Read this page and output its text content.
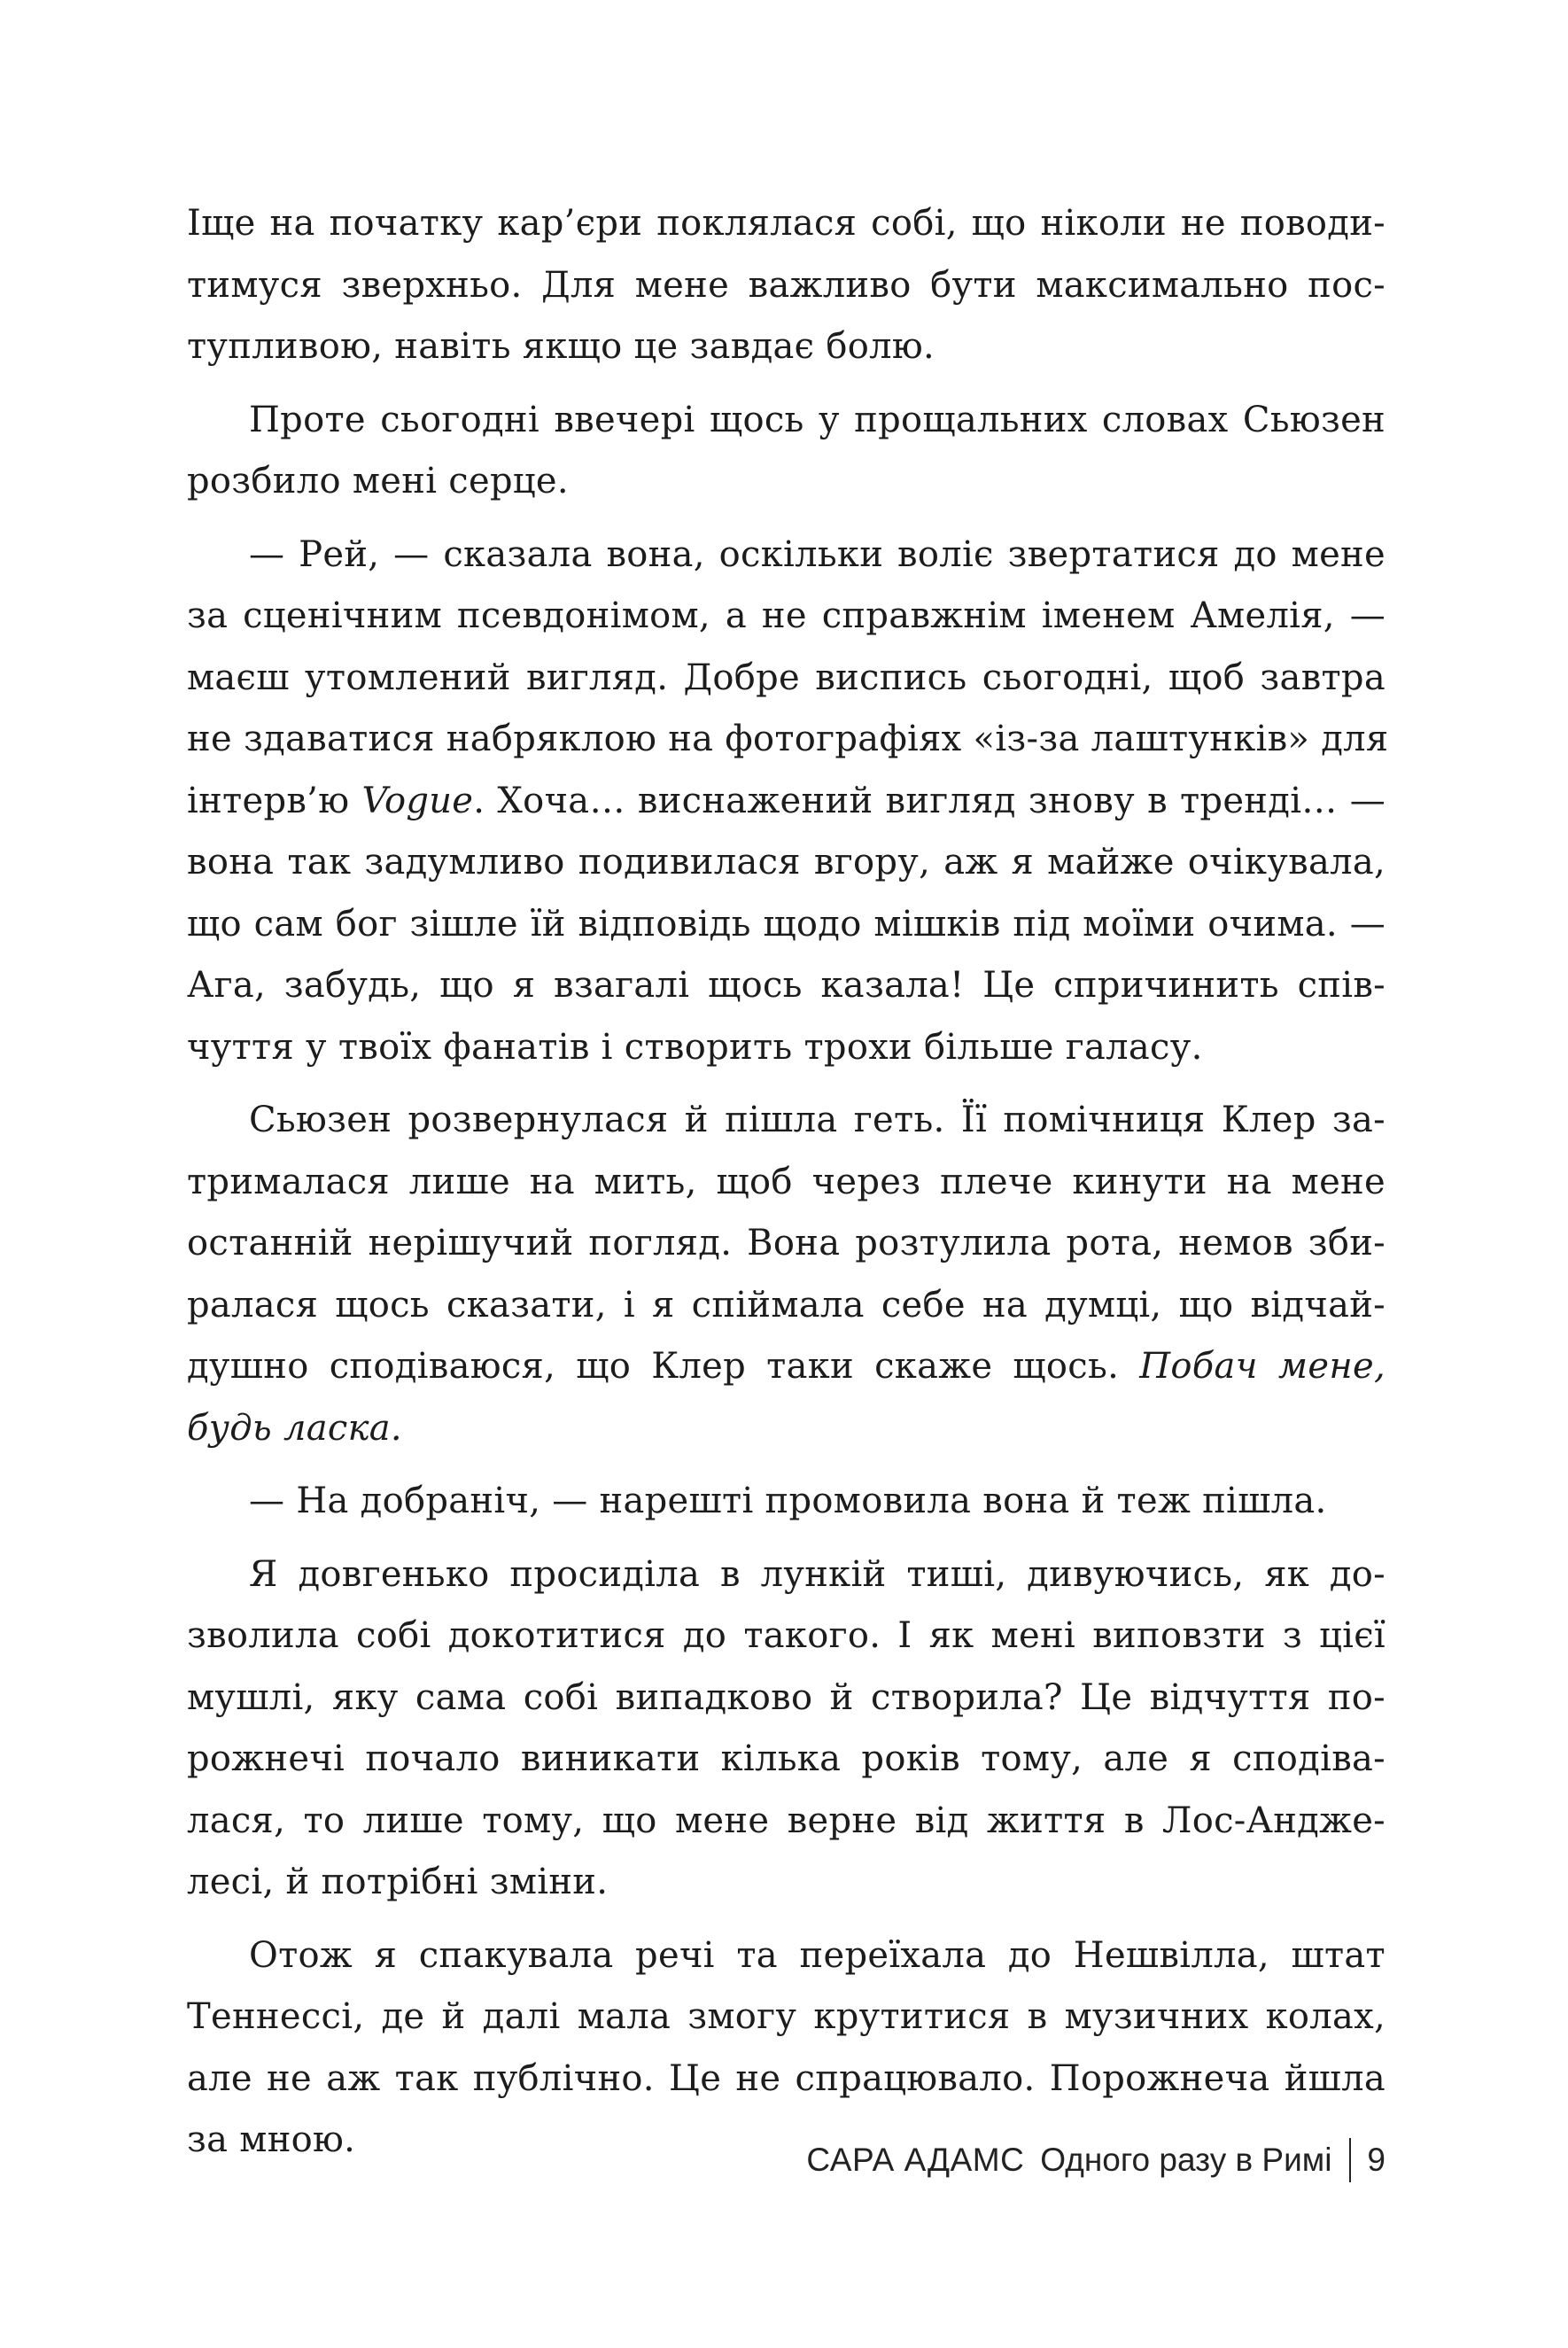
Іще на початку кар’єри поклялася собі, що ніколи не поводи-

тимуся зверхньо. Для мене важливо бути максимально пос-

тупливою, навіть якщо це завдає болю.

Проте сьогодні ввечері щось у прощальних словах Сьюзен

розбило мені серце.

— Рей, — сказала вона, оскільки воліє звертатися до мене

за сценічним псевдонімом, а не справжнім іменем Амелія, —

маєш утомлений вигляд. Добре виспись сьогодні, щоб завтра

не здаватися набряклою на фотографіях «із-за лаштунків» для

інтерв’ю Vogue. Хоча… виснажений вигляд знову в тренді… —

вона так задумливо подивилася вгору, аж я майже очікувала,

що сам бог зішле їй відповідь щодо мішків під моїми очима. —

Ага, забудь, що я взагалі щось казала! Це спричинить спів-

чуття у твоїх фанатів і створить трохи більше галасу.

Сьюзен розвернулася й пішла геть. Її помічниця Клер за-

трималася лише на мить, щоб через плече кинути на мене

останній нерішучий погляд. Вона розтулила рота, немов зби-

ралася щось сказати, і я спіймала себе на думці, що відчай-

душно сподіваюся, що Клер таки скаже щось. Побач мене,

будь ласка.

— На добраніч, — нарешті промовила вона й теж пішла.

Я довгенько просиділа в лункій тиші, дивуючись, як до-

зволила собі докотитися до такого. І як мені виповзти з цієї

мушлі, яку сама собі випадково й створила? Це відчуття по-

рожнечі почало виникати кілька років тому, але я сподіва-

лася, то лише тому, що мене верне від життя в Лос-Андже-

лесі, й потрібні зміни.

Отож я спакувала речі та переїхала до Нешвілла, штат

Теннессі, де й далі мала змогу крутитися в музичних колах,

але не аж так публічно. Це не спрацювало. Порожнеча йшла

за мною.	САРА АДАМС Одного разу в Римі 9
